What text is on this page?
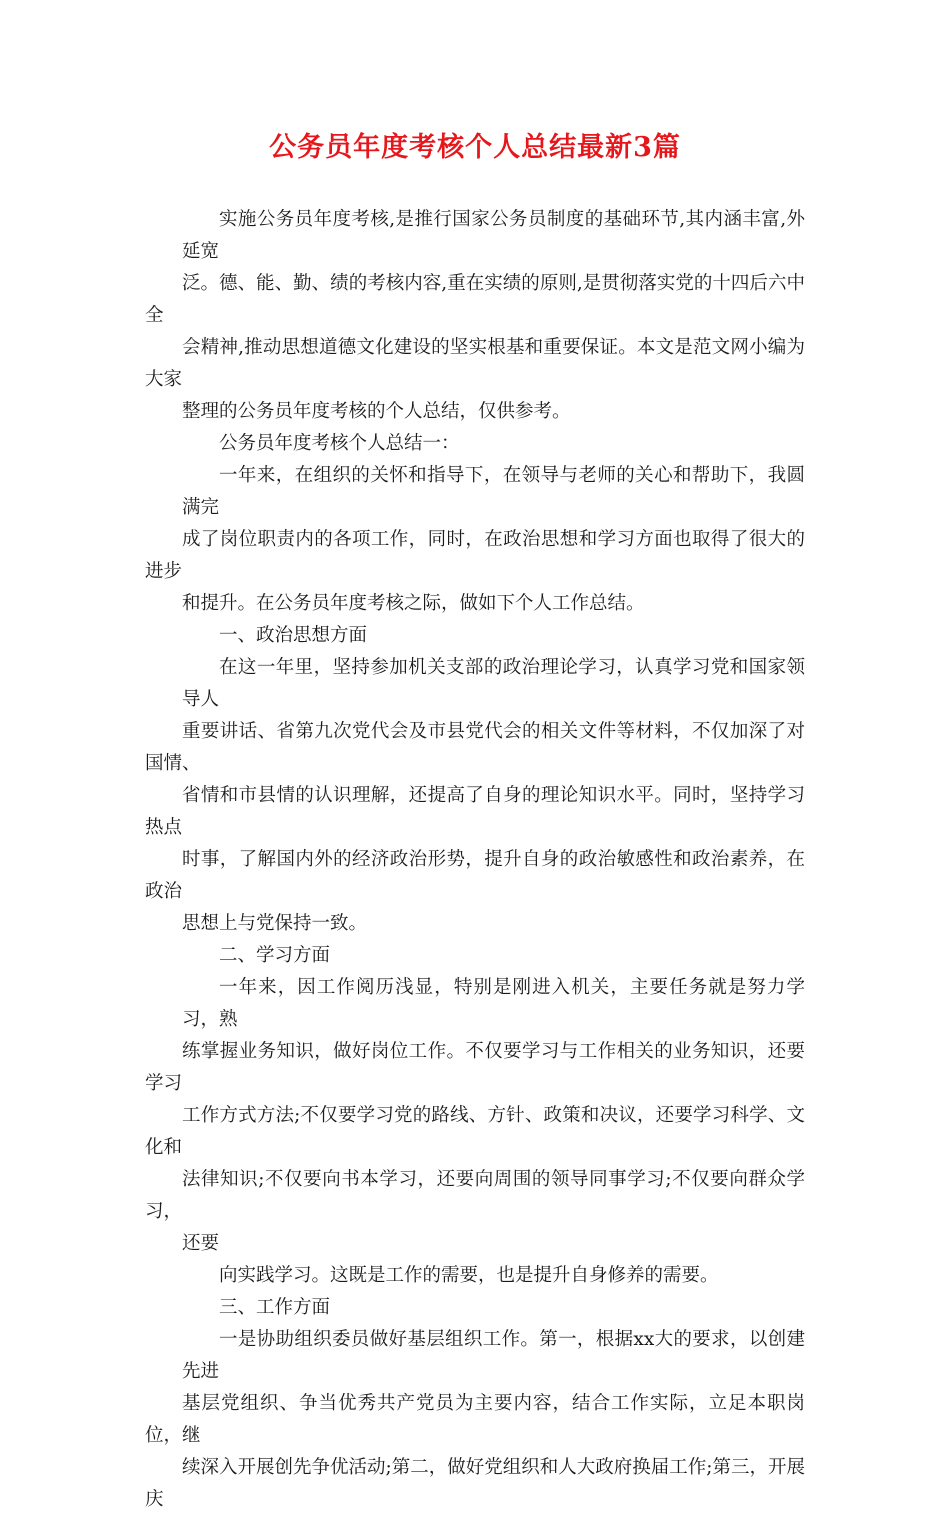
公务员年度考核个人总结最新3篇
实施公务员年度考核,是推行国家公务员制度的基础环节,其内涵丰富,外延宽
泛。德、能、勤、绩的考核内容,重在实绩的原则,是贯彻落实党的十四后六中全
会精神,推动思想道德文化建设的坚实根基和重要保证。本文是范文网小编为大家
整理的公务员年度考核的个人总结，仅供参考。
公务员年度考核个人总结一：
一年来，在组织的关怀和指导下，在领导与老师的关心和帮助下，我圆满完
成了岗位职责内的各项工作，同时，在政治思想和学习方面也取得了很大的进步
和提升。在公务员年度考核之际，做如下个人工作总结。
一、政治思想方面
在这一年里，坚持参加机关支部的政治理论学习，认真学习党和国家领导人
重要讲话、省第九次党代会及市县党代会的相关文件等材料，不仅加深了对国情、
省情和市县情的认识理解，还提高了自身的理论知识水平。同时，坚持学习热点
时事，了解国内外的经济政治形势，提升自身的政治敏感性和政治素养，在政治
思想上与党保持一致。
二、学习方面
一年来，因工作阅历浅显，特别是刚进入机关，主要任务就是努力学习，熟
练掌握业务知识，做好岗位工作。不仅要学习与工作相关的业务知识，还要学习
工作方式方法;不仅要学习党的路线、方针、政策和决议，还要学习科学、文化和
法律知识;不仅要向书本学习，还要向周围的领导同事学习;不仅要向群众学习，
还要
向实践学习。这既是工作的需要，也是提升自身修养的需要。
三、工作方面
一是协助组织委员做好基层组织工作。第一，根据xx大的要求，以创建先进
基层党组织、争当优秀共产党员为主要内容，结合工作实际，立足本职岗位，继
续深入开展创先争优活动;第二，做好党组织和人大政府换届工作;第三，开展庆
